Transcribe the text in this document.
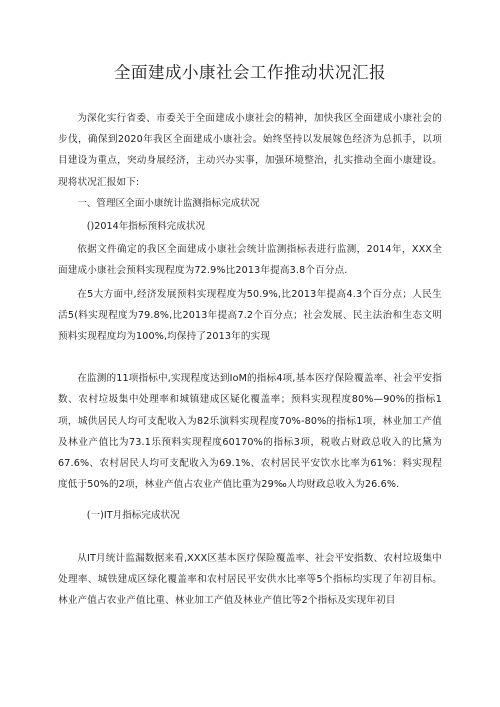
全面建成小康社会工作推动状况汇报

为深化实行省委、市委关于全面建成小康社会的精神，加快我区全面建成小康社会的步伐，确保到2020年我区全面建成小康社会。始终坚持以发展嫁色经济为总抓手，以项目建设为重点，突动身展经济，主动兴办实事，加强环境整治，扎实推动全面小康建设。现将状况汇报如下:

一、管理区全面小康统计监测指标完成状况

()2014年指标预料完成状况

依据文件确定的我区全面建成小康社会统计监测指标表进行监测，2014年，XXX全面建成小康社会预料实现程度为72.9%比2013年提高3.8个百分点.

在5大方面中,经济发展预料实现程度为50.9%,比2013年提高4.3个百分点；人民生活5(料实现程度为79.8%,比2013年提高7.2个百分点；社会发展、民主法治和生态文明预料实现程度均为100%,均保持了2013年的实现

在监测的11项指标中,实现程度达到IoM的指标4项,基本医疗保险覆盖率、社会平安指数、农村垃圾集中处理率和城镇建成区疑化覆盖率；预料实现程度80%—90%的指标1项，城供居民人均可支配收入为82乐演料实现程度70%-80%的指标1项，林业加工产值及林业产值比为73.1乐预料实现程度60170%的指标3项，税收占财政总收入的比黛为67.6%、农村居民人均可支配收入为69.1%、农村居民平安饮水比率为61%：料实现程度低于50%的2项，林业产值占农业产值比重为29‰人均财政总收入为26.6%.

(一)IT月指标完成状况

从IT月统计监漏数据来看,XXX区基本医疗保险覆盖率、社会平安指数、农村垃圾集中处理率、城铁建成区绿化覆盖率和农村居民平安供水比率等5个指标均实现了年初目标。林业产值占农业产值比重、林业加工产值及林业产值比等2个指标及实现年初目
